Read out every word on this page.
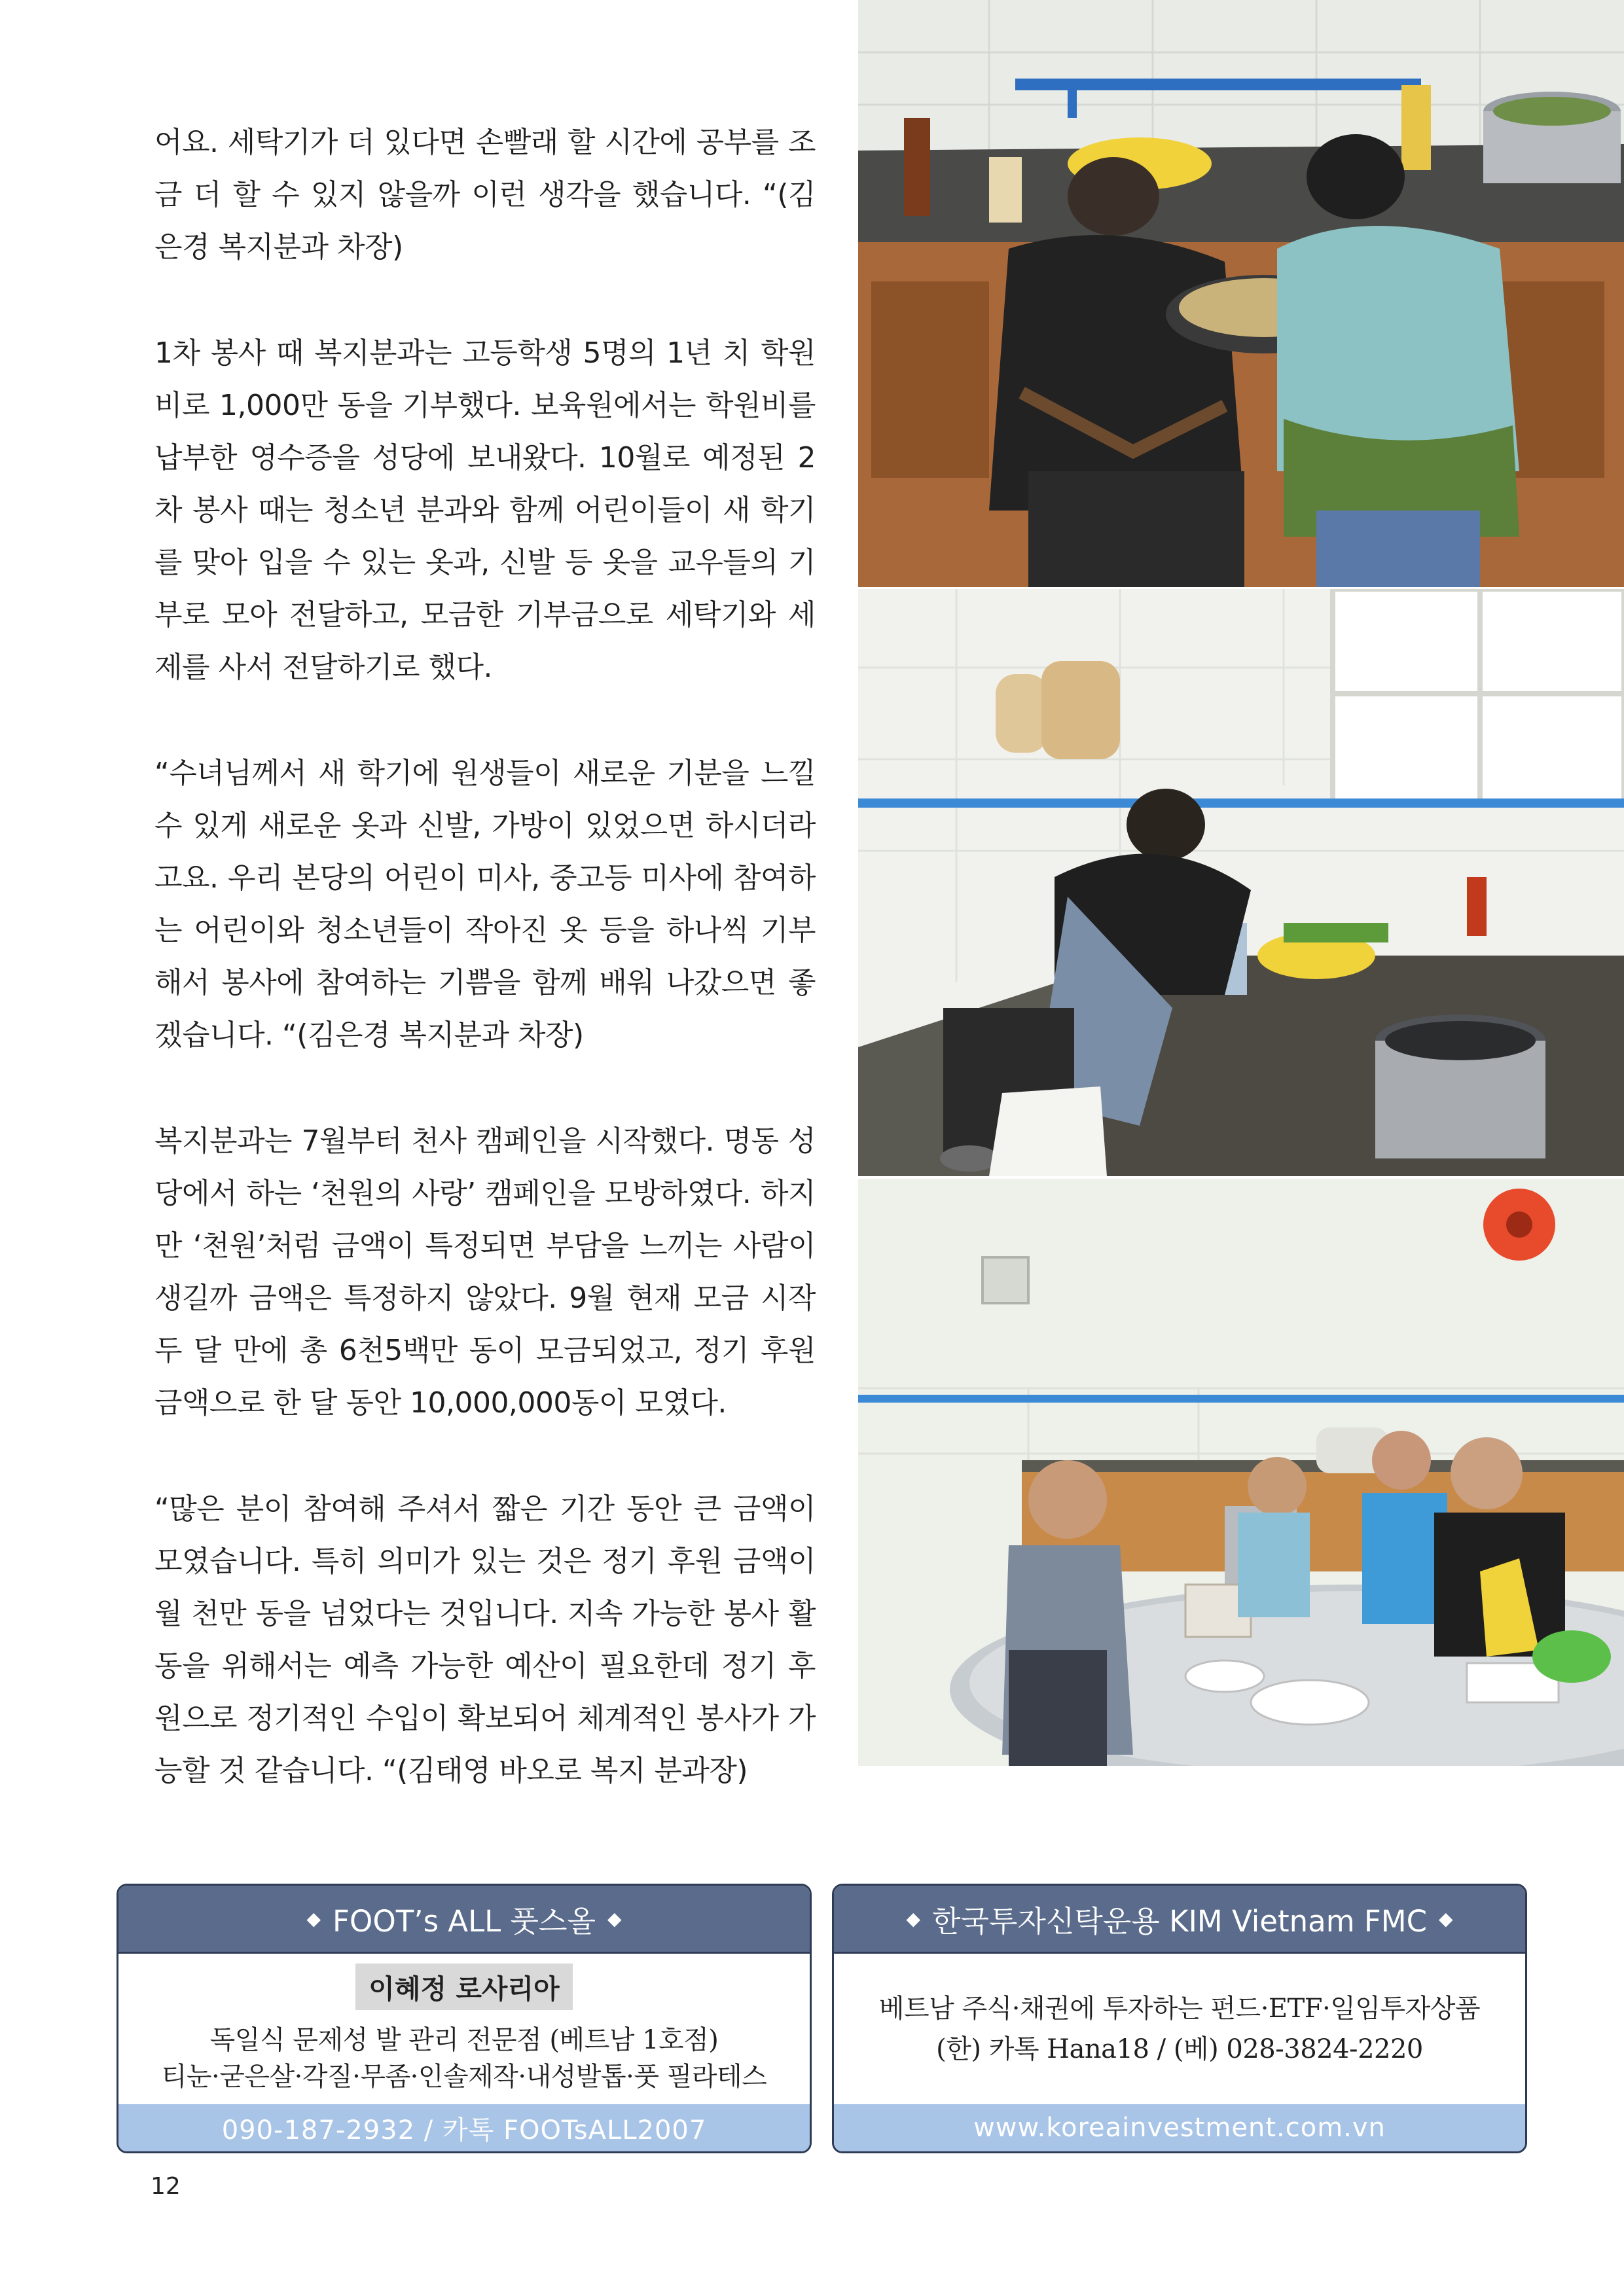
어요. 세탁기가 더 있다면 손빨래 할 시간에 공부를 조금 더 할 수 있지 않을까 이런 생각을 했습니다. “(김은경 복지분과 차장)

1차 봉사 때 복지분과는 고등학생 5명의 1년 치 학원비로 1,000만 동을 기부했다. 보육원에서는 학원비를 납부한 영수증을 성당에 보내왔다. 10월로 예정된 2차 봉사 때는 청소년 분과와 함께 어린이들이 새 학기를 맞아 입을 수 있는 옷과, 신발 등 옷을 교우들의 기부로 모아 전달하고, 모금한 기부금으로 세탁기와 세제를 사서 전달하기로 했다.

“수녀님께서 새 학기에 원생들이 새로운 기분을 느낄 수 있게 새로운 옷과 신발, 가방이 있었으면 하시더라고요. 우리 본당의 어린이 미사, 중고등 미사에 참여하는 어린이와 청소년들이 작아진 옷 등을 하나씩 기부해서 봉사에 참여하는 기쁨을 함께 배워 나갔으면 좋겠습니다. “(김은경 복지분과 차장)

복지분과는 7월부터 천사 캠페인을 시작했다. 명동 성당에서 하는 ‘천원의 사랑’ 캠페인을 모방하였다. 하지만 ‘천원’처럼 금액이 특정되면 부담을 느끼는 사람이 생길까 금액은 특정하지 않았다. 9월 현재 모금 시작 두 달 만에 총 6천5백만 동이 모금되었고, 정기 후원 금액으로 한 달 동안 10,000,000동이 모였다.

“많은 분이 참여해 주셔서 짧은 기간 동안 큰 금액이 모였습니다. 특히 의미가 있는 것은 정기 후원 금액이 월 천만 동을 넘었다는 것입니다. 지속 가능한 봉사 활동을 위해서는 예측 가능한 예산이 필요한데 정기 후원으로 정기적인 수입이 확보되어 체계적인 봉사가 가능할 것 같습니다. “(김태영 바오로 복지 분과장)

◆ FOOT’s ALL 풋스올 ◆
이혜정 로사리아
독일식 문제성 발 관리 전문점 (베트남 1호점)
티눈·굳은살·각질·무좀·인솔제작·내성발톱·풋 필라테스
090-187-2932 / 카톡 FOOTsALL2007
◆ 한국투자신탁운용 KIM Vietnam FMC ◆
베트남 주식·채권에 투자하는 펀드·ETF·일임투자상품
(한) 카톡 Hana18 / (베) 028-3824-2220
www.koreainvestment.com.vn
12
